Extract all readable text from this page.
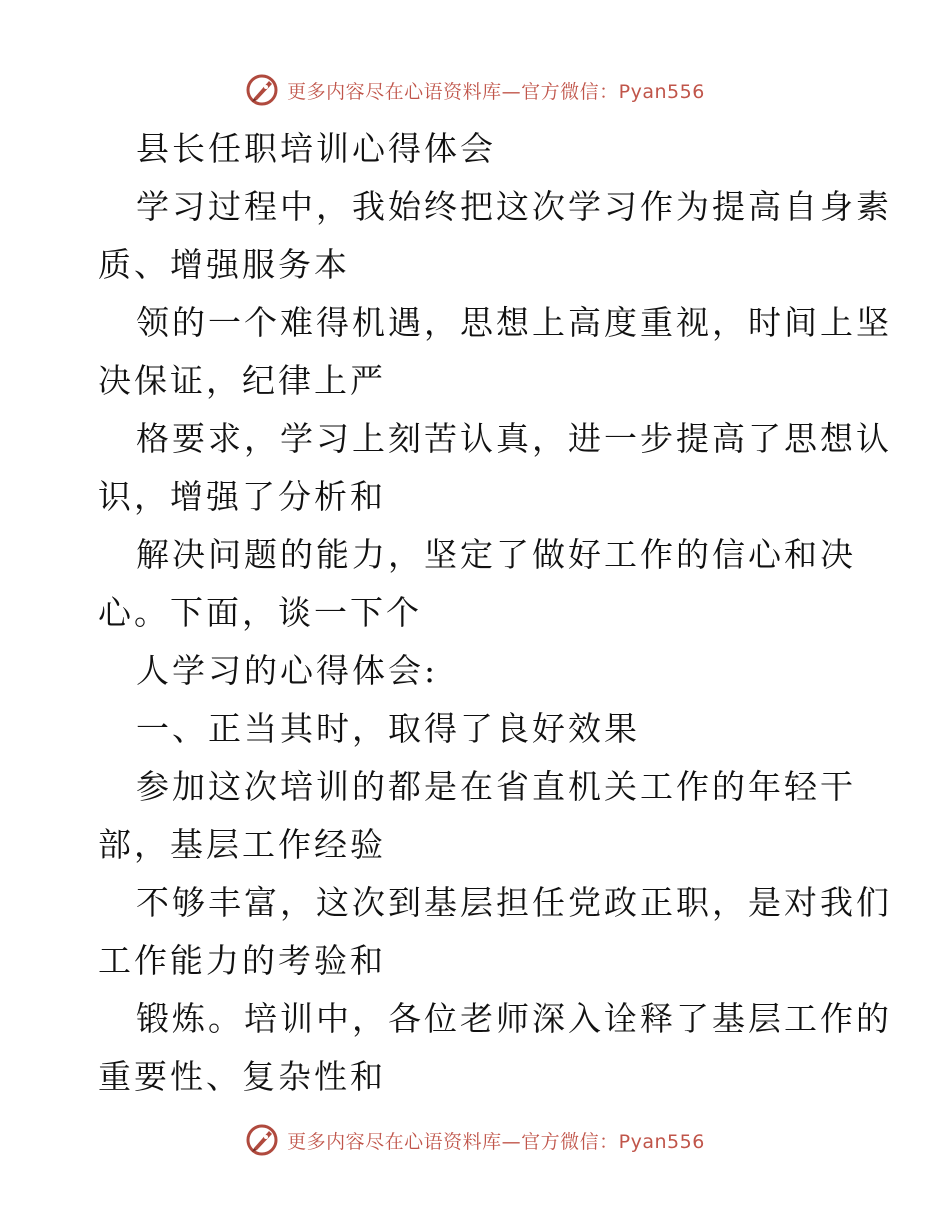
更多内容尽在心语资料库—官方微信：Pyan556
县长任职培训心得体会
学习过程中，我始终把这次学习作为提高自身素
质、增强服务本
领的一个难得机遇，思想上高度重视，时间上坚
决保证，纪律上严
格要求，学习上刻苦认真，进一步提高了思想认
识，增强了分析和
解决问题的能力，坚定了做好工作的信心和决
心。下面，谈一下个
人学习的心得体会:
一、正当其时，取得了良好效果
参加这次培训的都是在省直机关工作的年轻干
部，基层工作经验
不够丰富，这次到基层担任党政正职，是对我们
工作能力的考验和
锻炼。培训中，各位老师深入诠释了基层工作的
重要性、复杂性和
更多内容尽在心语资料库—官方微信：Pyan556
